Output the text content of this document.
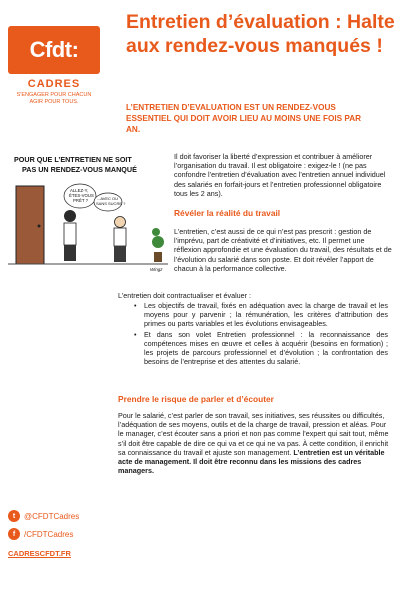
Cfdt:
CADRES
S'ENGAGER POUR CHACUN AGIR POUR TOUS.
t	@CFDTCadres
f	/CFDTCadres
CADRESCFDT.FR
Entretien d’évaluation : Halte aux rendez-vous manqués !

L’ENTRETIEN D’EVALUATION EST UN RENDEZ-VOUS ESSENTIEL QUI DOIT AVOIR LIEU AU MOINS UNE FOIS PAR AN.

POUR QUE L’ENTRETIEN NE SOIT
PAS UN RENDEZ-VOUS MANQUÉ
ALLEZ-Y,
ÊTES-VOUS
PRÊT ? ...AVEC OU
SANS SUCRE ?
Wingz

Il doit favoriser la liberté d’expression et contribuer à améliorer l’organisation du travail. Il est obligatoire : exigez-le ! (ne pas confondre l’entretien d’évaluation avec l’entretien annuel individuel des salariés en forfait-jours et l’entretien professionnel obligatoire tous les 2 ans).

Révéler la réalité du travail

L’entretien, c’est aussi de ce qui n’est pas prescrit : gestion de l’imprévu, part de créativité et d’initiatives, etc. Il permet une réflexion approfondie et une évaluation du travail, des résultats et de l’évolution du salarié dans son poste. Et doit révéler l’apport de chacun à la performance collective.

L’entretien doit contractualiser et évaluer :

• Les objectifs de travail, fixés en adéquation avec la charge de travail et les moyens pour y parvenir ; la rémunération, les critères d’attribution des primes ou parts variables et les évolutions envisageables.
• Et dans son volet Entretien professionnel : la reconnaissance des compétences mises en œuvre et celles à acquérir (besoins en formation) ; les projets de parcours professionnel et d’évolution ; la confrontation des besoins de l’entreprise et des attentes du salarié.
Prendre le risque de parler et d’écouter

Pour le salarié, c’est parler de son travail, ses initiatives, ses réussites ou difficultés, l’adéquation de ses moyens, outils et de la charge de travail, pression et aléas. Pour le manager, c’est écouter sans a priori et non pas comme l’expert qui sait tout, même s’il doit être capable de dire ce qui va et ce qui ne va pas. À cette condition, il enrichit sa connaissance du travail et ajuste son management. L’entretien est un véritable acte de management. Il doit être reconnu dans les missions des cadres managers.
